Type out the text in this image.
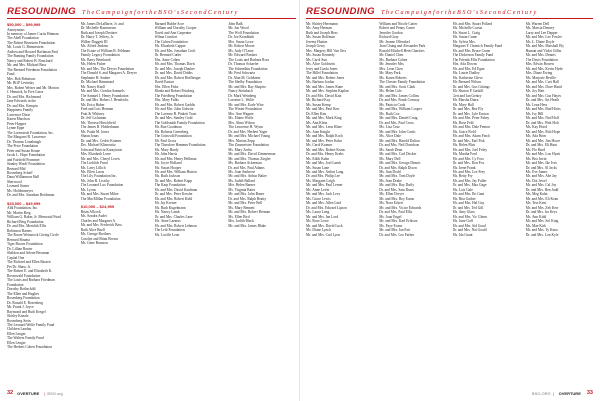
RESOUNDING T h e C a m p a i g n f o r t h e B S O ' s S e c o n d C e n t u r y
$50,000 – $99,999
Anonymous
In memory of James Curtis Hinman
The Abell Foundation
The Robert Bernstein Foundation
Mr. Louis G. Biennestein
Andrea and Howard Bachman Paul
The Bunting Family Foundation
Nancy and Robert H. Bouchard
Mr. and Mrs. Michael Bass
The Bernard Friedman Foundation
Fund
Mrs. Bob Robinson
Mr. BGP Levinsky
Mrs. Robert Weiser and Mr. Morton
J. Hennick, In Five Lines
Dr. and Mrs. Richmond
Jane Edwards in the
Dr. and Mrs. Kempin
Happiness Family
Lawrence Dixie
Karen Marchon
Peter Hopper
Lynne Eppe
The Lorenstroh Foundation, Inc.
The Margaret B. Lawrence
Dr. Thomas Lonabaugh
The Price Foundation
Peter and Susan Keane
Jacob L. Hope Foundation
and Fairfield Frommer
Stanley Woolf Foundation
Bernard Mid
Rosenberg Scheff
Dana Williamson Hall
Sherwood
Leonard Stoner
Ms. Holdenmeyer
Dr. and Mrs. Jonathan Reichman
$25,000 – $49,999
Aldi Foundation, Inc.
Mr. Martin Berg
William G. Baker, Jr. Memorial Fund
Richard Berg Foundation
Dr. and Mrs. Meridith Ellis
Robinson Barnes
The Rosen Weinstock Giving Circle
Bernard Bouma
Tiger Brown Foundation
Dr. Lillian Baxter
Sheldon and Arlene Bessman
Capital One
The Richard and Ellen Bassen
Pet Dr. Shaw, Jr.
The Robert E. and Elizabeth K.
Rosenwald Foundation
The Louis and Barbara Friedman
Foundation
Dorothy Rothschild
The Ellen and Hughes
Rosenberg Foundation
Dr. Ronald E. Rosenberg
Mr. Frank J. Joyce
Raymond and Ruth Kregel
Shirley Kneale
Rosenberg Stein
The Leonard Wolfe Family Fund
Children Landau
Ellen Lenger
The Walters Family Fund
Ellen Lenger
The Herbert Cohen Foundation
Mr. James DeLaBarre, Jr. and
Dr. Michelle Rasmussen
Ruth and Joseph Dreitzer
Dr. Harry T. Jeffrey, Jr.
Wilber Duggett III
Ms. Alfred Jenkins
The Estate of William B. Feldman
Family Legacy Foundation
Ms. Barry Bernhardt
Ms. Helen Fisher
Mr. and Mrs. The Dreyer Foundation
The Donald S. and Margaret A. Dreyer
Stephanie H. Sauber
Dr. Michael Hammond
Mr. Nancy Knoll
Mr. and Mrs. Gordon Samuels
The Samuel J. Henry Foundation
Dr. and Mrs. Robert J. Hendricks
Ms. Erica Huber
Fred and Lois Herman
Pratt & Whitney
Dr. Jeff Lichtman
Ms. Theresa Hirschfield
The James R. Holderbaum
Ms. Paula M. Jones
Shaun Jonas
Dr. and Mrs. Cedric Kramer
Drs. Michael Klimowitz
John and Patricia Karayianis
Mrs. Elizabeth Lowe
Mr. and Mrs. Cheryl Lewis
The Lieblich Fund
Ms. Larry Lillich
Ms. Ellen Lucas
The Lily Foundation Inc.
Ms. John R. Lisicky
The Leonard Lux Foundation
Ms. Lyons
Mr. and Mrs. Stuart Milne
The MacMillan Foundation
$10,000 – $24,999
Brian Allcock
Ms. Sondra Audet
Charles and Margaret A.
Mr. and Mrs. Frederick Bass
Ruth Alice Buell
Ms. George Brothers
Carolyn and Brian Brown
Ms. Gene Brunson
Barnard Bubbe Arce
William and Dorothy Cooper
David and Ann Carpenter
Wilma Comfort
The Cohen Foundation
Ms. Elizabeth Capper
Mr. and Mrs. Jonathan Croft
Dr. Bernard Cutler
Mrs. Anne Cohen
Mr. and Mrs. Thomas Davis
Dr. and Mrs. Joseph Dauber
Dr. and Mrs. David Dobbs
Mr. and Mrs. Robert Hoffberger
David Easton
Mrs. Ellen Fiske
Rhoda and Robert Feinberg
The Friedberg Foundation
Mrs. Mary Fulks
Mr. and Mrs. Robert Gaddis
Mr. and Mrs. John Gidwitz
The Laverne B. Pinkett Trust
Dr. and Mrs. Stanley Gold
The Goldsmith Family Foundation
Mr. Ron Goodman
Ms. Roberta Greenberg
The Griswold Foundation
Mr. Paul Gross
The Theodore Hammer Foundation
Ms. Mary Hardy
Mr. John Harris
Mr. and Mrs. Henry Hellman
Ms. Joyce Holland
Ms. Susan Hooper
Mr. and Mrs. William Hutton
Ms. Ruth Jackson
Dr. and Mrs. Robert Kapp
The Karp Foundation
Mr. and Mrs. David Kaufman
Dr. and Mrs. Peter Kessler
Mr. and Mrs. Robert Kidd
Mr. Jay Kreiser
Ms. Ruth Kugelmann
Ms. Nancy Lamb
Dr. and Mrs. Charles Lane
Ms. Anne Lazarus
Mr. and Mrs. Robert Lehman
The Leib Foundation
Ms. Lucille Leon
John Balk
Mr. Jon Wood
The Wolf Foundation
Dr. Joe Kornbluth
Mrs. Susan Lowe
Mr. Robert Moore
Ms. Judy O'Leary
Mr. Edward Pantzer
The Louis and Barbara Ross
Dr. Thomas Schaefer
The Schmelkin Foundation
Mr. Fred Schwartz
Dr. Alan M. Goldstein
The Shelby Foundation
Mr. and Mrs. Ray Shapiro
Nancy Steinbach
Dr. Mark Weinberg
Lorraine L. Wolfe
Mr. and Mrs. Earle Wise
The Winter Foundation
Mrs. Ann Wagner
Ms. Elaine Wolfe
Mrs. Alma Wilson
The Lawrence H. Wynn
Dr. and Mrs. Herbert Yager
Mr. and Mrs. Michael Young
Mrs. Marion Zepp
The Zinsmeister Foundation
Ms. Mary Zorba
Mr. and Mrs. David Zimmerman
Mr. and Mrs. Thomas Ziegler
Ms. Barbara Ackerman
Dr. and Mrs. Paul Adams
Ms. Joan Ambrose
Mr. and Mrs. Arthur Baker
Ms. Judith Ballard
Mrs. Helen Barnes
Ms. Virginia Bates
Mr. and Mrs. John Bauer
Dr. and Mrs. Ralph Beatty
Mr. and Mrs. Peter Bell
Ms. Mary Bennett
Mr. and Mrs. Robert Berman
Ms. Ellen Bird
Mrs. Judith Black
Mr. and Mrs. James Blake
32 OVERTURE | BSO.org
RESOUNDING T h e C a m p a i g n f o r t h e B S O ' s S e c o n d C e n t u r y
Mr. Shirley Herrmann
Ms. Amy Herman
Ruth and Joseph Hess
Ms. Susan Hoffman
Jeremy Hutton
Joseph Gerry
Mrs. Margery Hill Van Orrs
Ms. Susan Kennedy
Ms. Carol Sun
Ms. Alice Goldstein
Jerry and Linda Jones
The Hillel Foundation
Mr. and Mrs. Robert Jones
Ms. Barbara Jordan
Mr. and Mrs. James Kane
Mr. and Mrs. Stephen Kaplan
Dr. and Mrs. David Katz
Mr. Richard Kay
Ms. Susan Kemp
Mr. and Mrs. Paul Kerr
Dr. Ellen Kim
Mr. and Mrs. Mark King
Ms. Ann Klein
Mr. and Mrs. Leon Kline
Ms. Joan Knight
Mr. and Mrs. Ralph Koch
Mr. and Mrs. Peter Kohn
Ms. Carol Kramer
Mr. and Mrs. Robert Kraus
Dr. and Mrs. Henry Krebs
Ms. Edith Kuhn
Mr. and Mrs. Joel Lamb
Ms. Susan Lane
Mr. and Mrs. Arthur Lang
Dr. and Mrs. Philip Lee
Ms. Margaret Leigh
Mr. and Mrs. Paul Lerner
Ms. Anne Levin
Mr. and Mrs. Jack Levy
Ms. Grace Lewis
Mr. and Mrs. Allen Lind
Dr. and Mrs. Edward Lipton
Ms. Laura Long
Mr. and Mrs. Ian Lord
Ms. Rose Lowe
Mr. and Mrs. David Luck
Ms. Diane Lynch
Mr. and Mrs. Carl Lyon
William and Nicole Carter
Robert and Penny Carter
Jennifer Gordon
Richard Gray
Mr. Jeanne Ollendorf
Jean Chung and Alexander Park
Ronald Mitchell Hein Charities
Mr. Daniel Chen
Ms. Barbara Cohen
Mr. Jennifer Mrs.
Mrs. Leon Chen
Mr. Mary Park
Ms. Karen Roberts
The Chester Family Foundation
Mr. and Mrs. Scott Clark
Ms. Helen Cole
Mr. and Mrs. James Collins
Dr. and Mrs. Frank Conway
Ms. Patricia Cook
Mr. and Mrs. William Cooper
Ms. Ruth Cox
Mr. and Mrs. Daniel Craig
Dr. and Mrs. Paul Cross
Ms. Lisa Cruz
Mr. and Mrs. John Curtis
Ms. Alice Dale
Mr. and Mrs. Harold Dalton
Dr. and Mrs. Neil Davidson
Ms. Sarah Dean
Mr. and Mrs. Carl Decker
Ms. Mary Dell
Mr. and Mrs. George Dennis
Dr. and Mrs. Ralph Dixon
Ms. Ann Dodd
Mr. and Mrs. Tom Doyle
Ms. Jean Drake
Mr. and Mrs. Ray Duffy
Dr. and Mrs. Sam Dunn
Ms. Ellen Dwyer
Mr. and Mrs. Roy Eaton
Ms. Nora Eckert
Mr. and Mrs. Victor Edwards
Dr. and Mrs. Paul Ellis
Ms. Joan Engel
Mr. and Mrs. Karl Erikson
Ms. Faye Evans
Mr. and Mrs. Ian Fair
Dr. and Mrs. Leo Farber
Mr. and Mrs. Stuart Pollard
Ms. Michelle Cossin
Mr. Stuart L. Craig
Ms. Susan Crane
Ms. Sylvia Mrs.
Margaret Y. Ozimich Family Fund
Mr. and Mrs. Bruce Crane
The Dickerson Family Fund
The Friends Ellis Foundation
Mrs. Ada Downs
Mr. and Mrs. Ed Egan
Ms. Laurie Dudley
Ms. Katherine Glove
Mr. Bernard Wilson
Dr. and Mrs. Gus Gittings
Mr. Sharon P. Gaskill
Gert and Jan Gentry
Mr. Marsha Dutra
Ms. Mary Hall
Dr. and Mrs. Rex Ely
Dr. and Mrs. Lyle Easton
Mr. and Mrs. Peter Fahey
Ms. Rose Feld
Mr. and Mrs. Dale Fenton
Ms. Grace Field
Mr. and Mrs. Adam Finch
Dr. and Mrs. Earl Fisk
Ms. Helen Flint
Mr. and Mrs. Joel Foley
Ms. Martha Ford
Mr. and Mrs. Cy Foss
Dr. and Mrs. Don Fox
Ms. Irene Frank
Mr. and Mrs. Lee Frey
Ms. Betty Fry
Mr. and Mrs. Jay Fuller
Dr. and Mrs. Max Gage
Ms. Lois Gale
Mr. and Mrs. Bo Gant
Ms. Rita Garber
Mr. and Mrs. Hal Gay
Dr. and Mrs. Ted Gill
Ms. Amy Glass
Mr. and Mrs. Vic Glenn
Ms. June Goff
Mr. and Mrs. Sid Good
Dr. and Mrs. Nat Gould
Ms. Ida Grant
Mr. Warren Dell
Ms. Marcia Denney
Larry and Lee Dapper
Mr. and Mrs. Lee Fowler
Ms. L. Diane Doyle
Mr. and Mrs. Marshall Ely
Human and Violet Gillin
Mr. and Mrs. Dennis
The Davis Foundation
Mrs. Edwin Bowen
Mr. and Mrs. Kevin Hyde
Mrs. Diane Ewing
Ms. Marjorie Beville
Mr. and Mrs. Curt Hall
Mr. and Mrs. Dave Hand
Ms. Joy Hart
Mr. and Mrs. Gus Hayes
Dr. and Mrs. Art Heath
Ms. Lena Hess
Mr. and Mrs. Bud Hicks
Ms. Ivy Hill
Mr. and Mrs. Ned Hoff
Dr. and Mrs. Walt Holt
Ms. Kay Hood
Mr. and Mrs. Rob Hope
Ms. Ada Horn
Mr. and Mrs. Jim Howe
Dr. and Mrs. Eli Hunt
Ms. Flo Hurd
Mr. and Mrs. Lou Hyatt
Ms. Bea Irwin
Mr. and Mrs. Ike Ives
Dr. and Mrs. Al Jacks
Ms. Eve James
Mr. and Mrs. Abe Jay
Ms. Dot Jewel
Mr. and Mrs. Cal Joy
Dr. and Mrs. Ben Judd
Ms. Meg Kahn
Mr. and Mrs. Eli Kean
Ms. Tess Kent
Mr. and Mrs. Zeb Kerr
Dr. and Mrs. Ira Keys
Ms. Ann Kidd
Mr. and Mrs. Sol King
Ms. Mae Kirk
Mr. and Mrs. Ty Knox
Dr. and Mrs. Lon Kyle
BSO.ORG | OVERTURE 33
